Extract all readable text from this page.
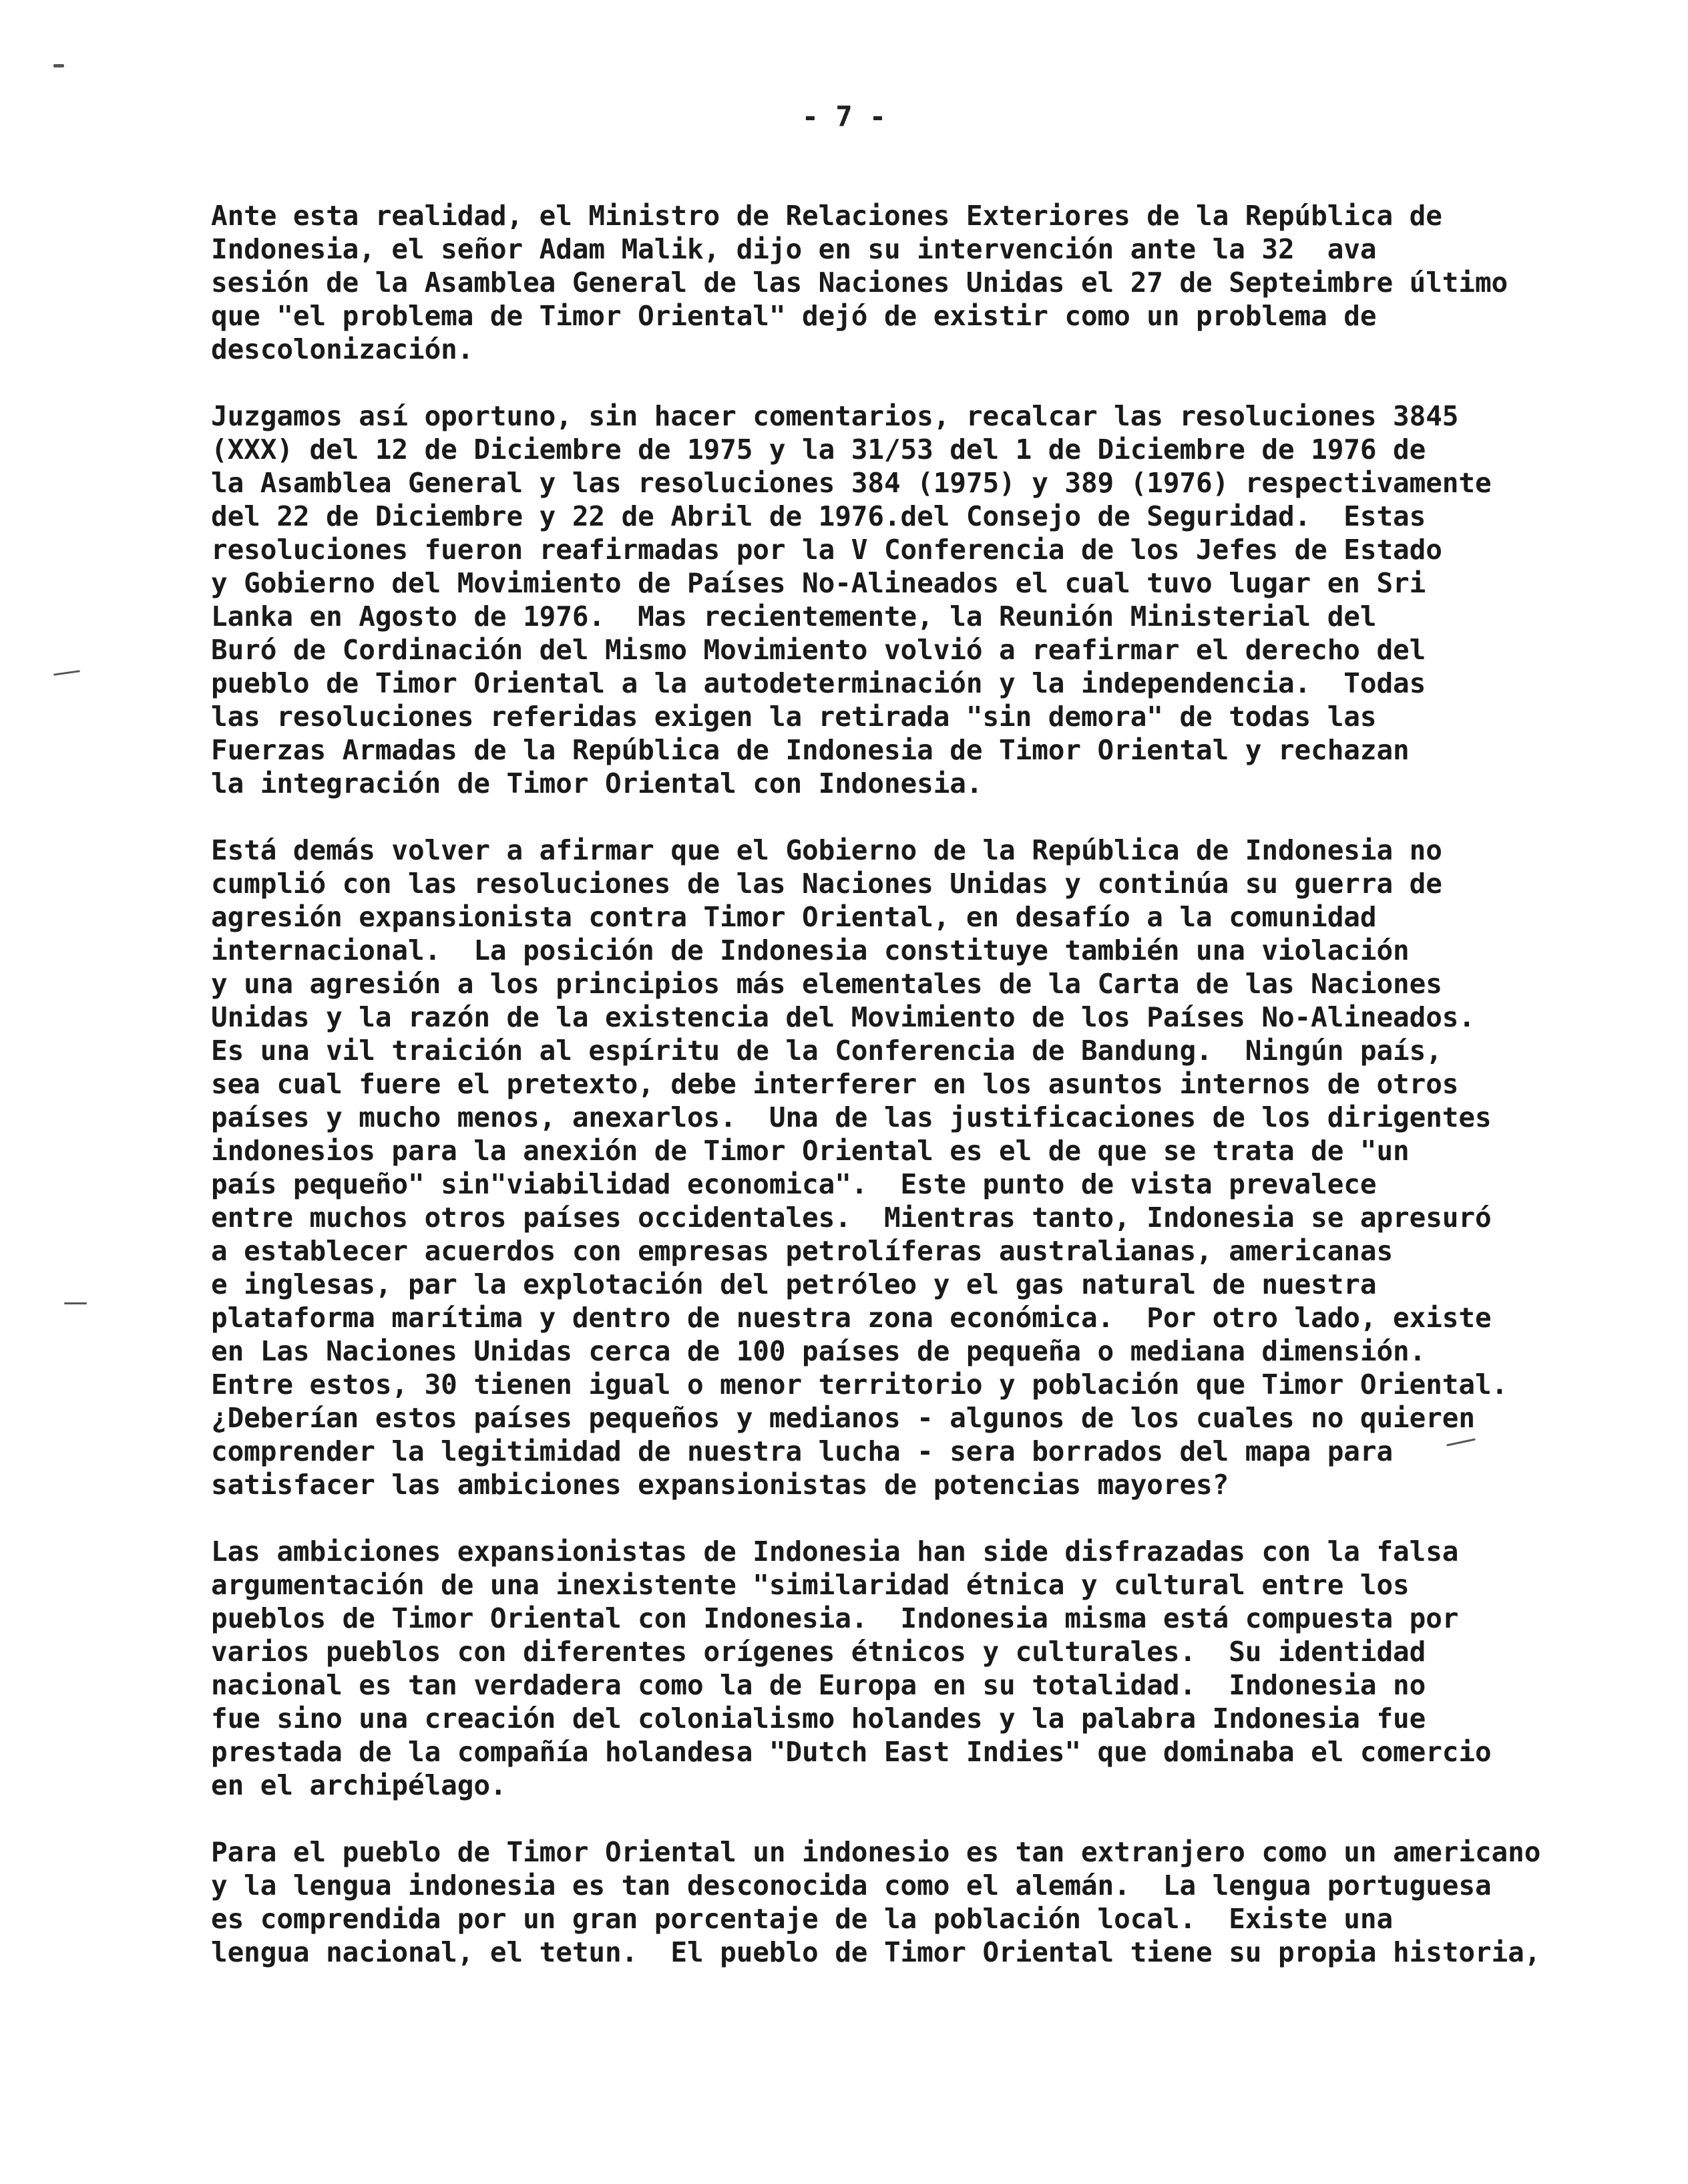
- 7 -
Ante esta realidad, el Ministro de Relaciones Exteriores de la República de
Indonesia, el señor Adam Malik, dijo en su intervención ante la 32  ava
sesión de la Asamblea General de las Naciones Unidas el 27 de Septeimbre último
que "el problema de Timor Oriental" dejó de existir como un problema de
descolonización.
Juzgamos así oportuno, sin hacer comentarios, recalcar las resoluciones 3845
(XXX) del 12 de Diciembre de 1975 y la 31/53 del 1 de Diciembre de 1976 de
la Asamblea General y las resoluciones 384 (1975) y 389 (1976) respectivamente
del 22 de Diciembre y 22 de Abril de 1976.del Consejo de Seguridad.  Estas
resoluciones fueron reafirmadas por la V Conferencia de los Jefes de Estado
y Gobierno del Movimiento de Países No-Alineados el cual tuvo lugar en Sri
Lanka en Agosto de 1976.  Mas recientemente, la Reunión Ministerial del
Buró de Cordinación del Mismo Movimiento volvió a reafirmar el derecho del
pueblo de Timor Oriental a la autodeterminación y la independencia.  Todas
las resoluciones referidas exigen la retirada "sin demora" de todas las
Fuerzas Armadas de la República de Indonesia de Timor Oriental y rechazan
la integración de Timor Oriental con Indonesia.
Está demás volver a afirmar que el Gobierno de la República de Indonesia no
cumplió con las resoluciones de las Naciones Unidas y continúa su guerra de
agresión expansionista contra Timor Oriental, en desafío a la comunidad
internacional.  La posición de Indonesia constituye también una violación
y una agresión a los principios más elementales de la Carta de las Naciones
Unidas y la razón de la existencia del Movimiento de los Países No-Alineados.
Es una vil traición al espíritu de la Conferencia de Bandung.  Ningún país,
sea cual fuere el pretexto, debe interferer en los asuntos internos de otros
países y mucho menos, anexarlos.  Una de las justificaciones de los dirigentes
indonesios para la anexión de Timor Oriental es el de que se trata de "un
país pequeño" sin"viabilidad economica".  Este punto de vista prevalece
entre muchos otros países occidentales.  Mientras tanto, Indonesia se apresuró
a establecer acuerdos con empresas petrolíferas australianas, americanas
e inglesas, par la explotación del petróleo y el gas natural de nuestra
plataforma marítima y dentro de nuestra zona económica.  Por otro lado, existe
en Las Naciones Unidas cerca de 100 países de pequeña o mediana dimensión.
Entre estos, 30 tienen igual o menor territorio y población que Timor Oriental.
¿Deberían estos países pequeños y medianos - algunos de los cuales no quieren
comprender la legitimidad de nuestra lucha - sera borrados del mapa para
satisfacer las ambiciones expansionistas de potencias mayores?
Las ambiciones expansionistas de Indonesia han side disfrazadas con la falsa
argumentación de una inexistente "similaridad étnica y cultural entre los
pueblos de Timor Oriental con Indonesia.  Indonesia misma está compuesta por
varios pueblos con diferentes orígenes étnicos y culturales.  Su identidad
nacional es tan verdadera como la de Europa en su totalidad.  Indonesia no
fue sino una creación del colonialismo holandes y la palabra Indonesia fue
prestada de la compañía holandesa "Dutch East Indies" que dominaba el comercio
en el archipélago.
Para el pueblo de Timor Oriental un indonesio es tan extranjero como un americano
y la lengua indonesia es tan desconocida como el alemán.  La lengua portuguesa
es comprendida por un gran porcentaje de la población local.  Existe una
lengua nacional, el tetun.  El pueblo de Timor Oriental tiene su propia historia,
